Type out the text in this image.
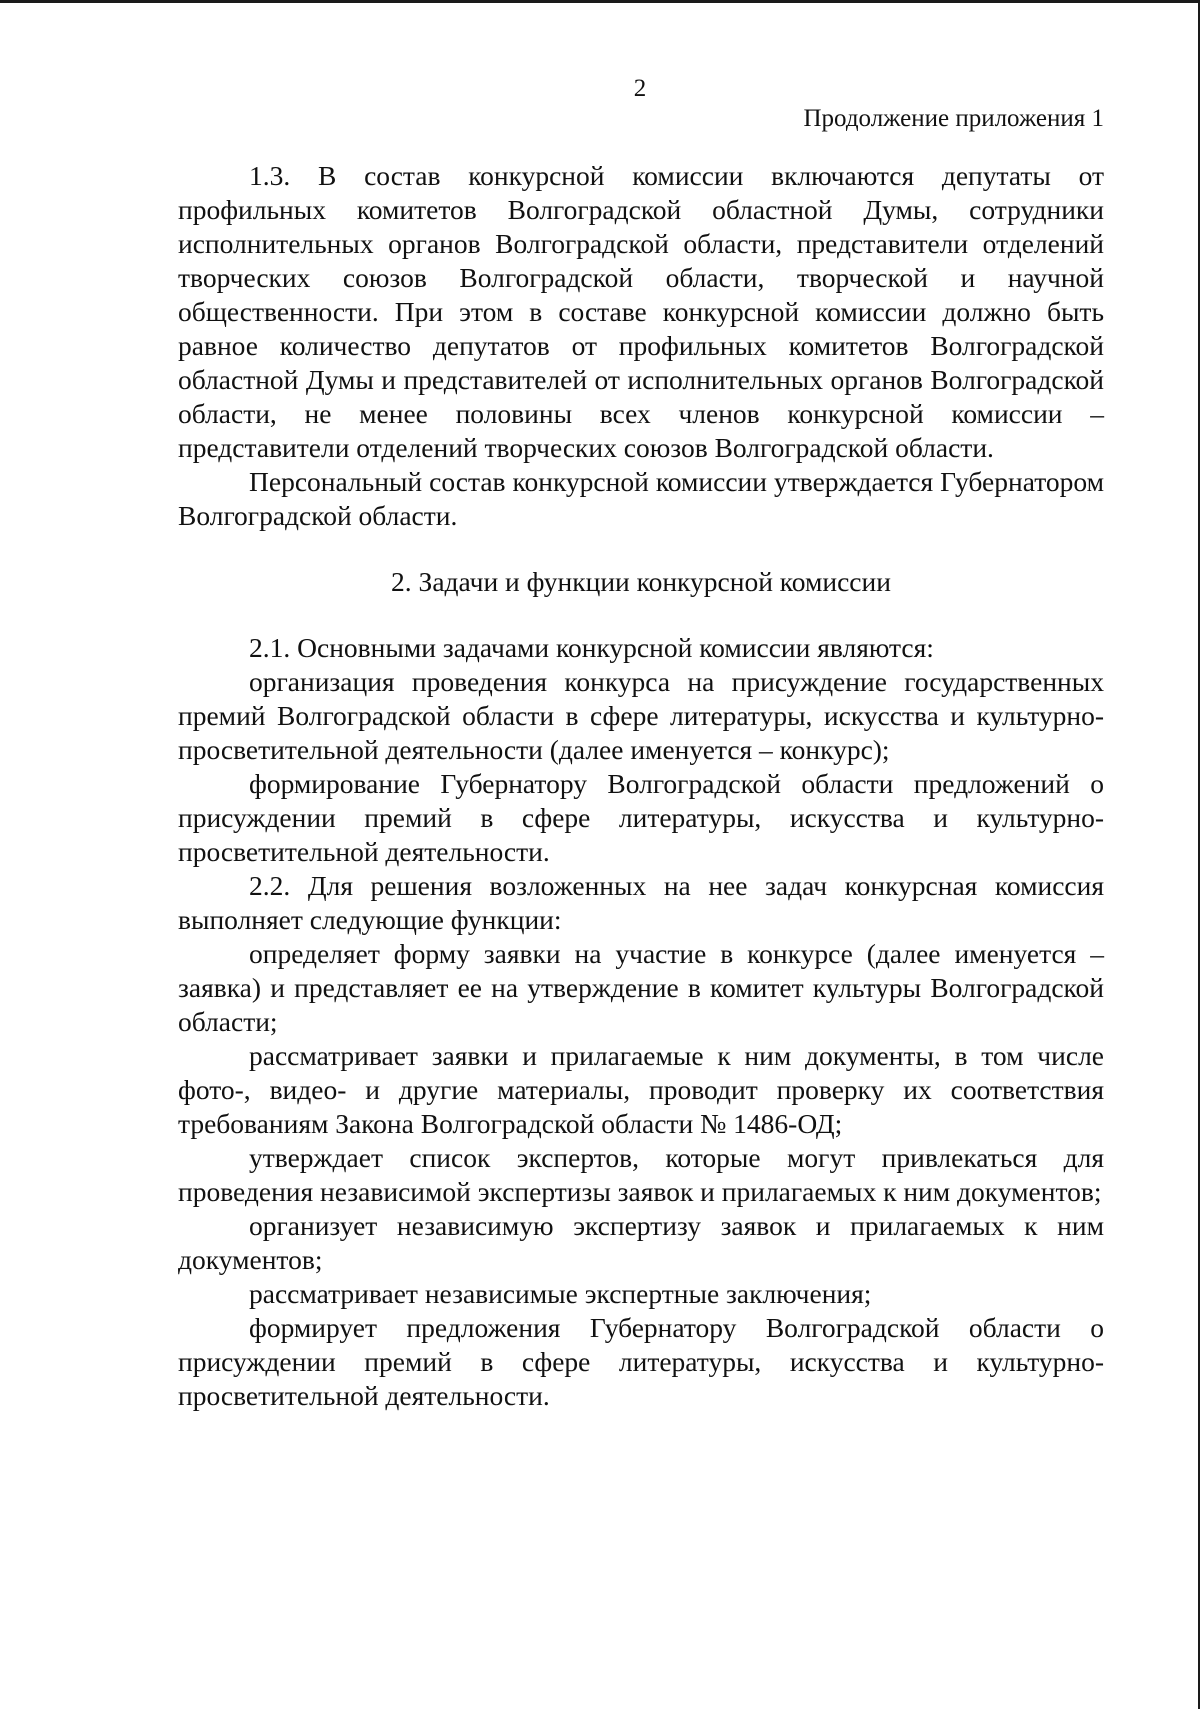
2
Продолжение приложения 1

1.3. В состав конкурсной комиссии включаются депутаты от профильных комитетов Волгоградской областной Думы, сотрудники исполнительных органов Волгоградской области, представители отделений творческих союзов Волгоградской области, творческой и научной общественности. При этом в составе конкурсной комиссии должно быть равное количество депутатов от профильных комитетов Волгоградской областной Думы и представителей от исполнительных органов Волгоградской области, не менее половины всех членов конкурсной комиссии – представители отделений творческих союзов Волгоградской области.

Персональный состав конкурсной комиссии утверждается Губернатором Волгоградской области.

2. Задачи и функции конкурсной комиссии

2.1. Основными задачами конкурсной комиссии являются:

организация проведения конкурса на присуждение государственных премий Волгоградской области в сфере литературы, искусства и культурно-просветительной деятельности (далее именуется – конкурс);

формирование Губернатору Волгоградской области предложений о присуждении премий в сфере литературы, искусства и культурно-просветительной деятельности.

2.2. Для решения возложенных на нее задач конкурсная комиссия выполняет следующие функции:

определяет форму заявки на участие в конкурсе (далее именуется – заявка) и представляет ее на утверждение в комитет культуры Волгоградской области;

рассматривает заявки и прилагаемые к ним документы, в том числе фото-, видео- и другие материалы, проводит проверку их соответствия требованиям Закона Волгоградской области № 1486-ОД;

утверждает список экспертов, которые могут привлекаться для проведения независимой экспертизы заявок и прилагаемых к ним документов;

организует независимую экспертизу заявок и прилагаемых к ним документов;

рассматривает независимые экспертные заключения;

формирует предложения Губернатору Волгоградской области о присуждении премий в сфере литературы, искусства и культурно-просветительной деятельности.
